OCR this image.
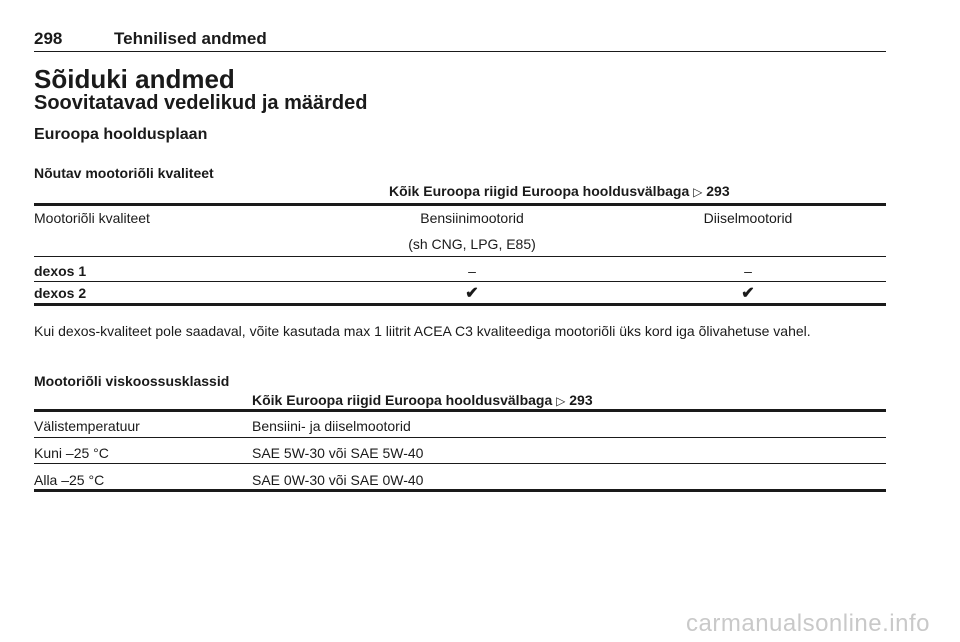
298	Tehnilised andmed
Sõiduki andmed
Soovitatavad vedelikud ja määrded
Euroopa hooldusplaan
Nõutav mootoriõli kvaliteet
Kõik Euroopa riigid Euroopa hooldusvälbaga ▷ 293
Mootoriõli kvaliteet	Bensiinimootorid	Diiselmootorid
(sh CNG, LPG, E85)
dexos 1	–	–
dexos 2	✔	✔
Kui dexos-kvaliteet pole saadaval, võite kasutada max 1 liitrit ACEA C3 kvaliteediga mootoriõli üks kord iga õlivahetuse vahel.
Mootoriõli viskoossusklassid
Kõik Euroopa riigid Euroopa hooldusvälbaga ▷ 293
Välistemperatuur	Bensiini- ja diiselmootorid
Kuni –25 °C	SAE 5W-30 või SAE 5W-40
Alla –25 °C	SAE 0W-30 või SAE 0W-40
carmanualsonline.info
